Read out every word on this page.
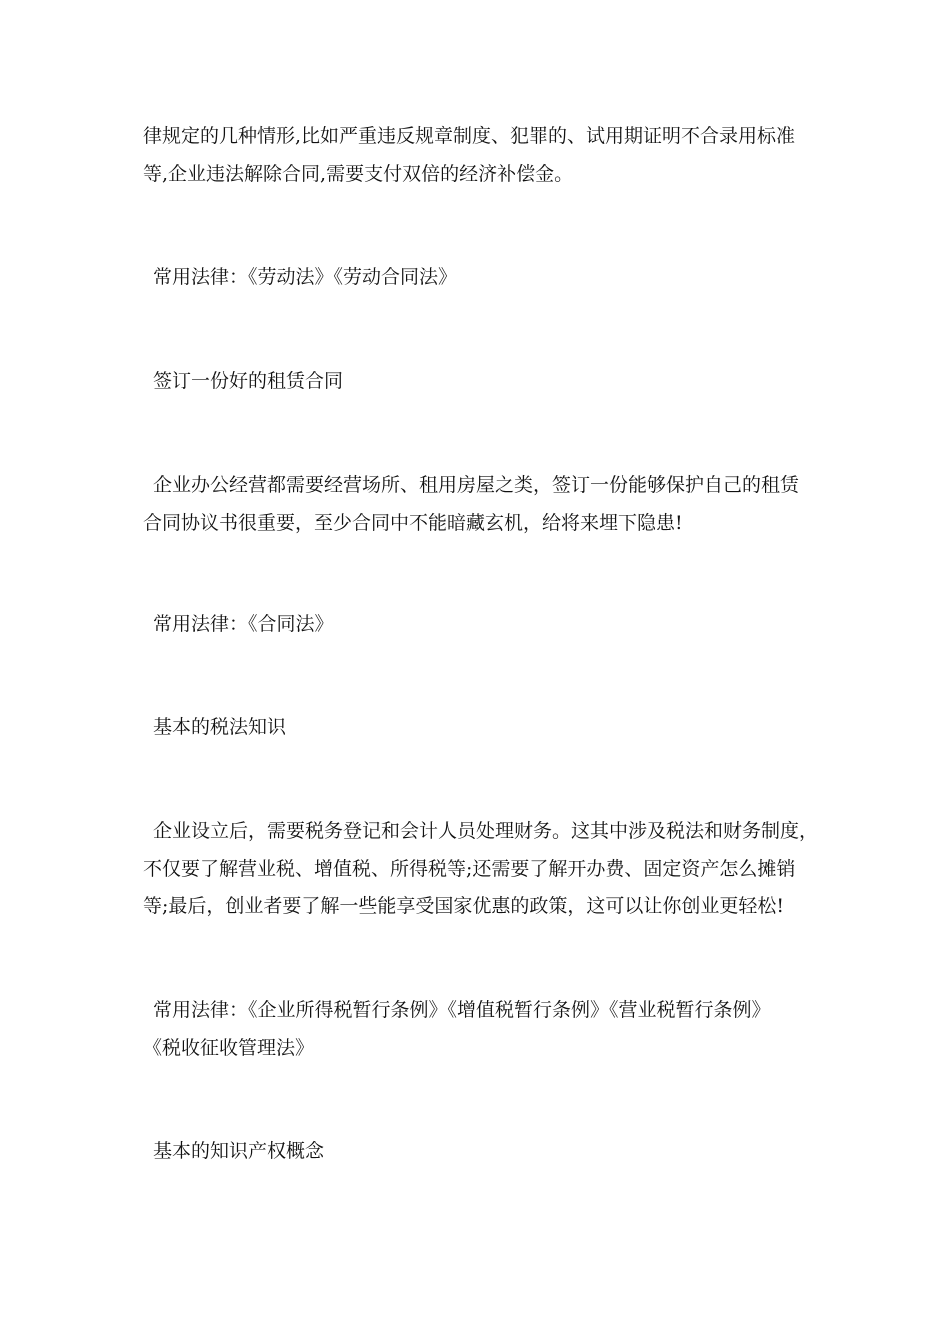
律规定的几种情形,比如严重违反规章制度、犯罪的、试用期证明不合录用标准
等,企业违法解除合同,需要支付双倍的经济补偿金。
常用法律：《劳动法》《劳动合同法》
签订一份好的租赁合同
企业办公经营都需要经营场所、租用房屋之类，签订一份能够保护自己的租赁
合同协议书很重要，至少合同中不能暗藏玄机，给将来埋下隐患!
常用法律：《合同法》
基本的税法知识
企业设立后，需要税务登记和会计人员处理财务。这其中涉及税法和财务制度，
不仅要了解营业税、增值税、所得税等;还需要了解开办费、固定资产怎么摊销
等;最后，创业者要了解一些能享受国家优惠的政策，这可以让你创业更轻松!
常用法律：《企业所得税暂行条例》《增值税暂行条例》《营业税暂行条例》
《税收征收管理法》
基本的知识产权概念
